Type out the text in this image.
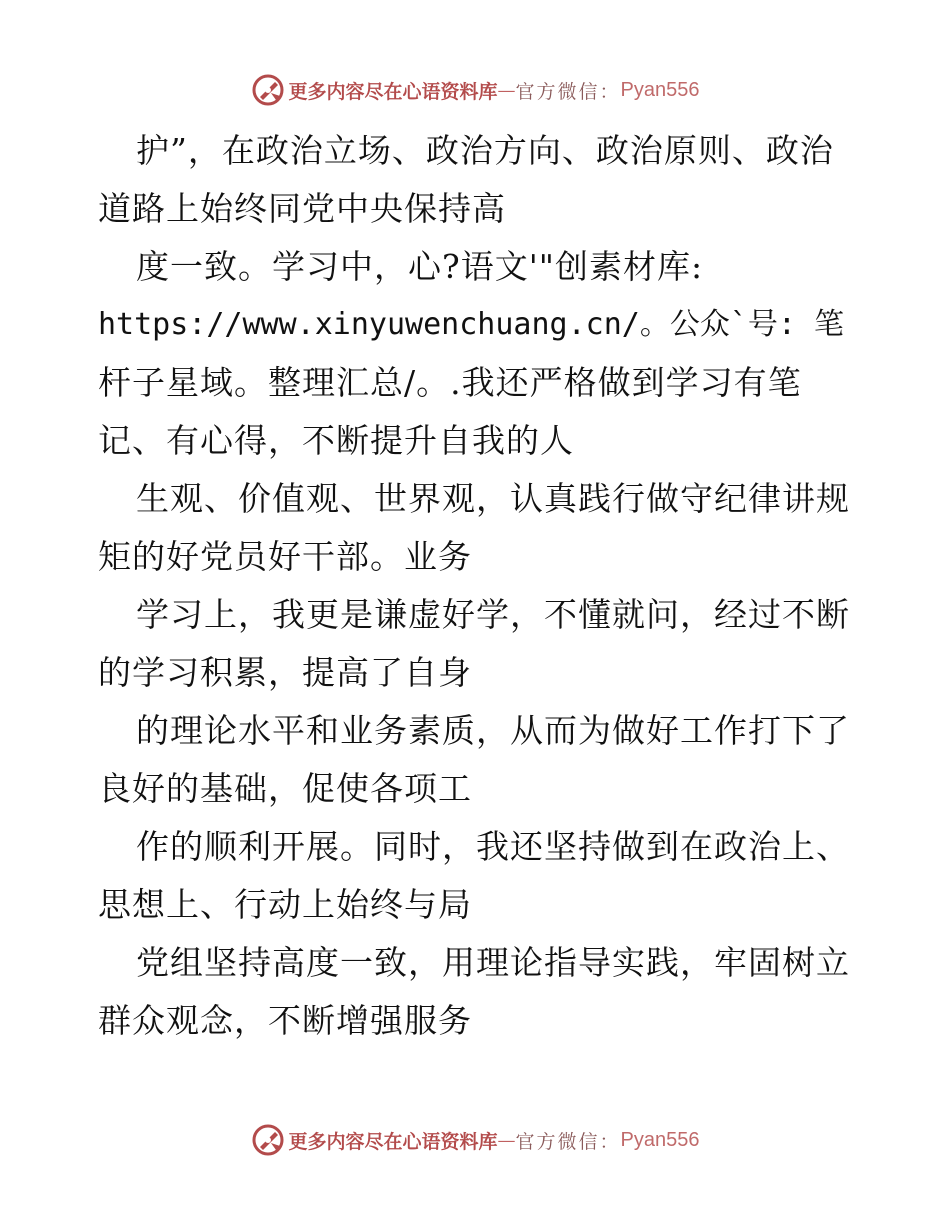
更多内容尽在心语资料库 — 官方微信： Pyan556
护”，在政治立场、政治方向、政治原则、政治
道路上始终同党中央保持高
度一致。学习中，心?语文'"创素材库:
https://www.xinyuwenchuang.cn/。公众`号: 笔
杆子星域。整理汇总/。.我还严格做到学习有笔
记、有心得，不断提升自我的人
生观、价值观、世界观，认真践行做守纪律讲规
矩的好党员好干部。业务
学习上，我更是谦虚好学，不懂就问，经过不断
的学习积累，提高了自身
的理论水平和业务素质，从而为做好工作打下了
良好的基础，促使各项工
作的顺利开展。同时，我还坚持做到在政治上、
思想上、行动上始终与局
党组坚持高度一致，用理论指导实践，牢固树立
群众观念，不断增强服务
更多内容尽在心语资料库 — 官方微信： Pyan556
